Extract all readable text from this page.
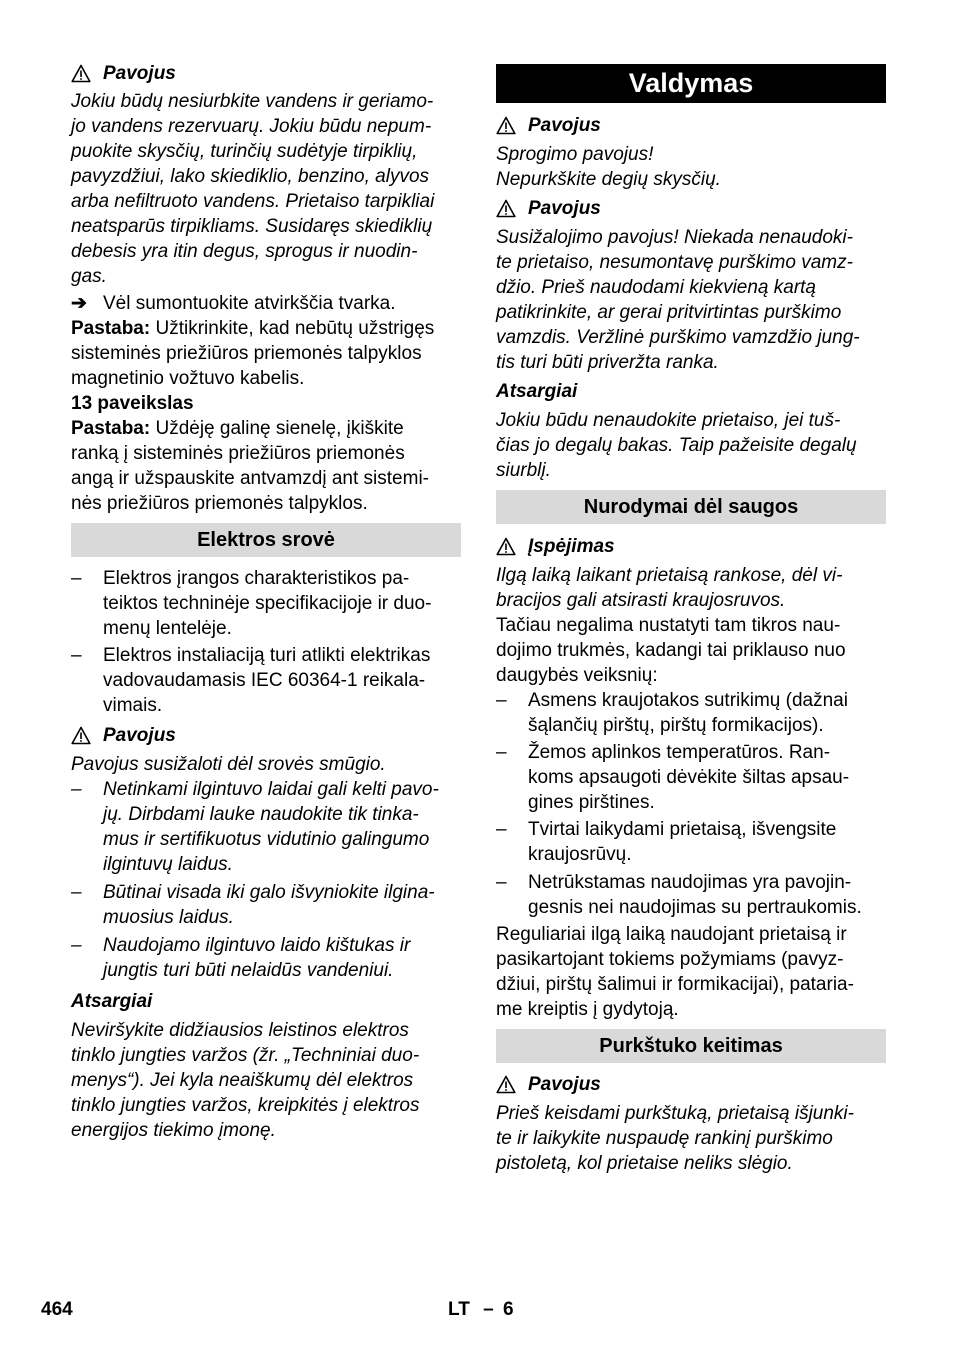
Pavojus
Jokiu būdų nesiurbkite vandens ir geriamo-
jo vandens rezervuarų. Jokiu būdu nepum-
puokite skysčių, turinčių sudėtyje tirpiklių,
pavyzdžiui, lako skiediklio, benzino, alyvos
arba nefiltruoto vandens. Prietaiso tarpikliai
neatsparūs tirpikliams. Susidaręs skiediklių
debesis yra itin degus, sprogus ir nuodin-
gas.
➔ Vėl sumontuokite atvirkščia tvarka.
Pastaba: Užtikrinkite, kad nebūtų užstrigęs
sisteminės priežiūros priemonės talpyklos
magnetinio vožtuvo kabelis.
13 paveikslas
Pastaba: Uždėję galinę sienelę, įkiškite
ranką į sisteminės priežiūros priemonės
angą ir užspauskite antvamzdį ant sistemi-
nės priežiūros priemonės talpyklos.
Elektros srovė
– Elektros įrangos charakteristikos pa-
teiktos techninėje specifikacijoje ir duo-
menų lentelėje.
– Elektros instaliaciją turi atlikti elektrikas
vadovaudamasis IEC 60364-1 reikala-
vimais.
Pavojus
Pavojus susižaloti dėl srovės smūgio.
– Netinkami ilgintuvo laidai gali kelti pavo-
jų. Dirbdami lauke naudokite tik tinka-
mus ir sertifikuotus vidutinio galingumo
ilgintuvų laidus.
– Būtinai visada iki galo išvyniokite ilgina-
muosius laidus.
– Naudojamo ilgintuvo laido kištukas ir
jungtis turi būti nelaidūs vandeniui.
Atsargiai
Neviršykite didžiausios leistinos elektros
tinklo jungties varžos (žr. „Techniniai duo-
menys“). Jei kyla neaiškumų dėl elektros
tinklo jungties varžos, kreipkitės į elektros
energijos tiekimo įmonę.
Valdymas
Pavojus
Sprogimo pavojus!
Nepurkškite degių skysčių.
Pavojus
Susižalojimo pavojus! Niekada nenaudoki-
te prietaiso, nesumontavę purškimo vamz-
džio. Prieš naudodami kiekvieną kartą
patikrinkite, ar gerai pritvirtintas purškimo
vamzdis. Veržlinė purškimo vamzdžio jung-
tis turi būti priveržta ranka.
Atsargiai
Jokiu būdu nenaudokite prietaiso, jei tuš-
čias jo degalų bakas. Taip pažeisite degalų
siurblį.
Nurodymai dėl saugos
Įspėjimas
Ilgą laiką laikant prietaisą rankose, dėl vi-
bracijos gali atsirasti kraujosruvos.
Tačiau negalima nustatyti tam tikros nau-
dojimo trukmės, kadangi tai priklauso nuo
daugybės veiksnių:
– Asmens kraujotakos sutrikimų (dažnai
šąlančių pirštų, pirštų formikacijos).
– Žemos aplinkos temperatūros. Ran-
koms apsaugoti dėvėkite šiltas apsau-
gines pirštines.
– Tvirtai laikydami prietaisą, išvengsite
kraujosrūvų.
– Netrūkstamas naudojimas yra pavojin-
gesnis nei naudojimas su pertraukomis.
Reguliariai ilgą laiką naudojant prietaisą ir
pasikartojant tokiems požymiams (pavyz-
džiui, pirštų šalimui ir formikacijai), pataria-
me kreiptis į gydytoją.
Purkštuko keitimas
Pavojus
Prieš keisdami purkštuką, prietaisą išjunki-
te ir laikykite nuspaudę rankinį purškimo
pistoletą, kol prietaise neliks slėgio.
464	LT – 6
